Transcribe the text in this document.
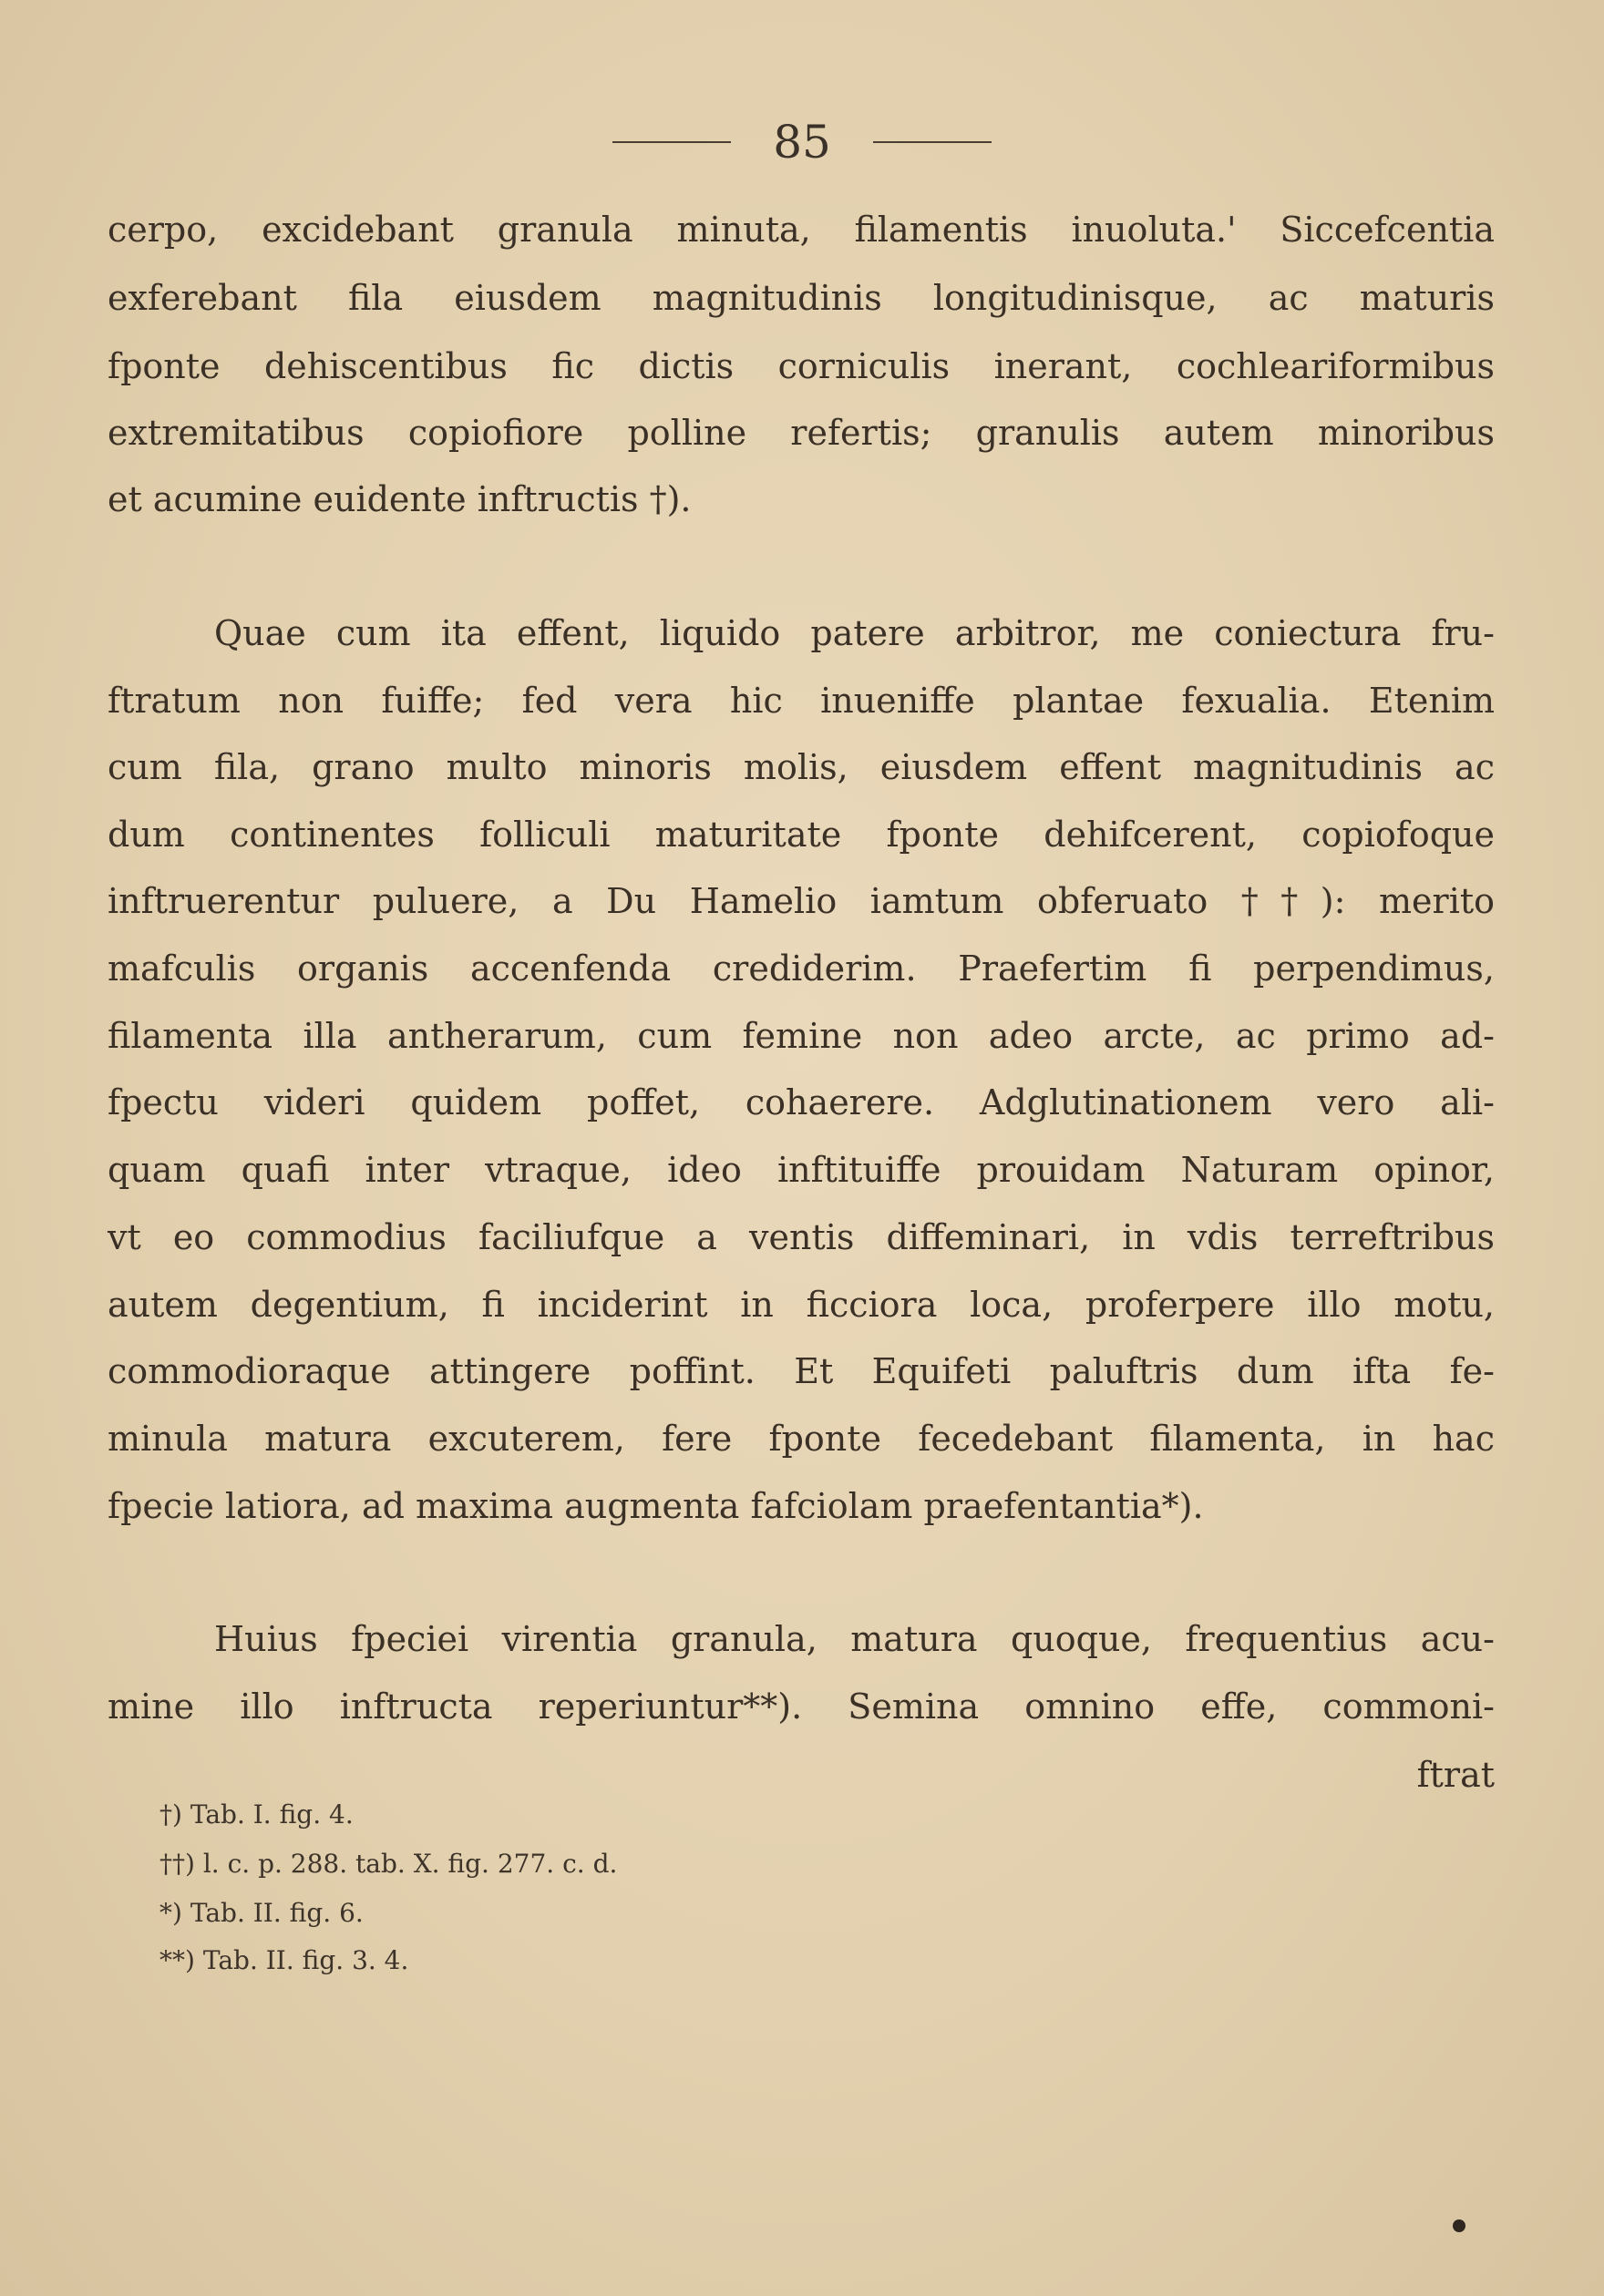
85
cerpo, excidebant granula minuta, filamentis inuoluta.' Siccefcentia
exferebant fila eiusdem magnitudinis longitudinisque, ac maturis
fponte dehiscentibus fic dictis corniculis inerant, cochleariformibus
extremitatibus copiofiore polline refertis; granulis autem minoribus
et acumine euidente inftructis †).
Quae cum ita effent, liquido patere arbitror, me coniectura fru-
ftratum non fuiffe; fed vera hic inueniffe plantae fexualia. Etenim
cum fila, grano multo minoris molis, eiusdem effent magnitudinis ac
dum continentes folliculi maturitate fponte dehifcerent, copiofoque
inftruerentur puluere, a Du Hamelio iamtum obferuato ††): merito
mafculis organis accenfenda crediderim. Praefertim fi perpendimus,
filamenta illa antherarum, cum femine non adeo arcte, ac primo ad-
fpectu videri quidem poffet, cohaerere. Adglutinationem vero ali-
quam quafi inter vtraque, ideo inftituiffe prouidam Naturam opinor,
vt eo commodius faciliufque a ventis diffeminari, in vdis terreftribus
autem degentium, fi inciderint in ficciora loca, proferpere illo motu,
commodioraque attingere poffint. Et Equifeti paluftris dum ifta fe-
minula matura excuterem, fere fponte fecedebant filamenta, in hac
fpecie latiora, ad maxima augmenta fafciolam praefentantia*).
Huius fpeciei virentia granula, matura quoque, frequentius acu-
mine illo inftructa reperiuntur**). Semina omnino effe, commoni-
ftrat
†) Tab. I. fig. 4.
††) l. c. p. 288. tab. X. fig. 277. c. d.
*) Tab. II. fig. 6.
**) Tab. II. fig. 3. 4.
